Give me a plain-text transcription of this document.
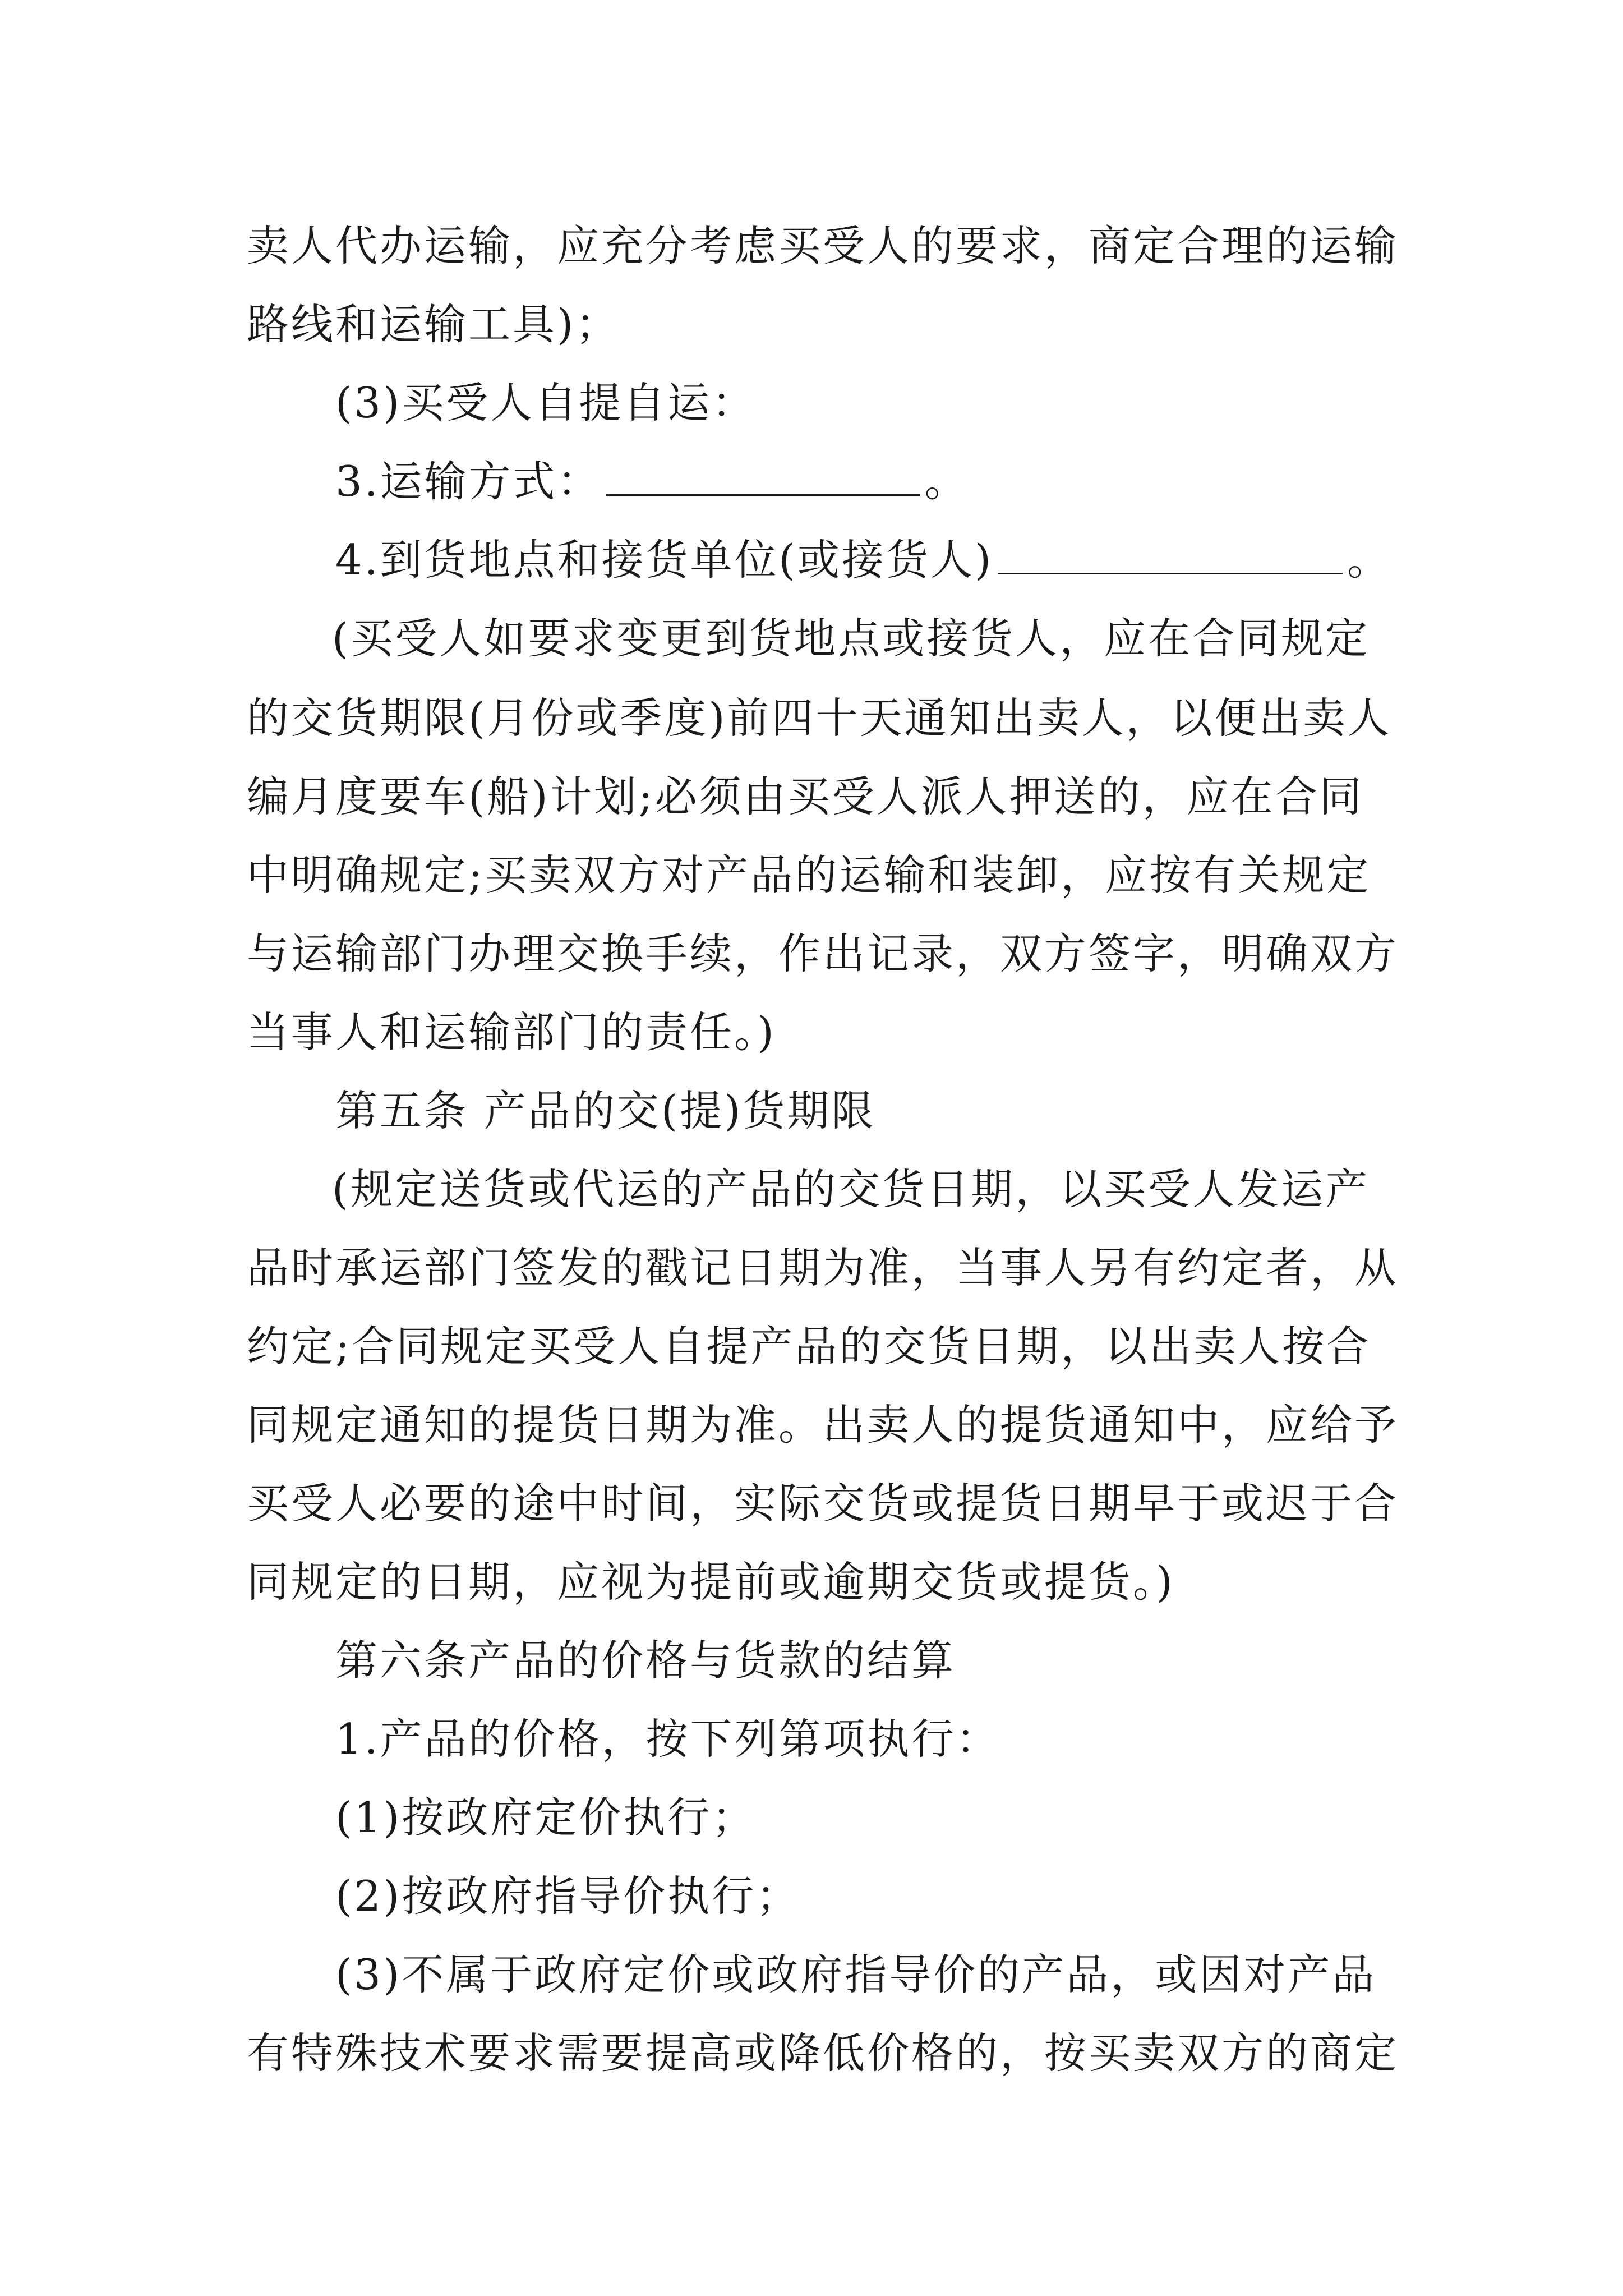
卖人代办运输，应充分考虑买受人的要求，商定合理的运输

路线和运输工具)；

(3)买受人自提自运：

3.运输方式：	。

4.到货地点和接货单位(或接货人)	。

(买受人如要求变更到货地点或接货人，应在合同规定

的交货期限(月份或季度)前四十天通知出卖人，以便出卖人

编月度要车(船)计划;必须由买受人派人押送的，应在合同

中明确规定;买卖双方对产品的运输和装卸，应按有关规定

与运输部门办理交换手续，作出记录，双方签字，明确双方

当事人和运输部门的责任。)

第五条 产品的交(提)货期限

(规定送货或代运的产品的交货日期，以买受人发运产

品时承运部门签发的戳记日期为准，当事人另有约定者，从

约定;合同规定买受人自提产品的交货日期，以出卖人按合

同规定通知的提货日期为准。出卖人的提货通知中，应给予

买受人必要的途中时间，实际交货或提货日期早于或迟于合

同规定的日期，应视为提前或逾期交货或提货。)

第六条产品的价格与货款的结算

1.产品的价格，按下列第项执行：

(1)按政府定价执行；

(2)按政府指导价执行；

(3)不属于政府定价或政府指导价的产品，或因对产品

有特殊技术要求需要提高或降低价格的，按买卖双方的商定
